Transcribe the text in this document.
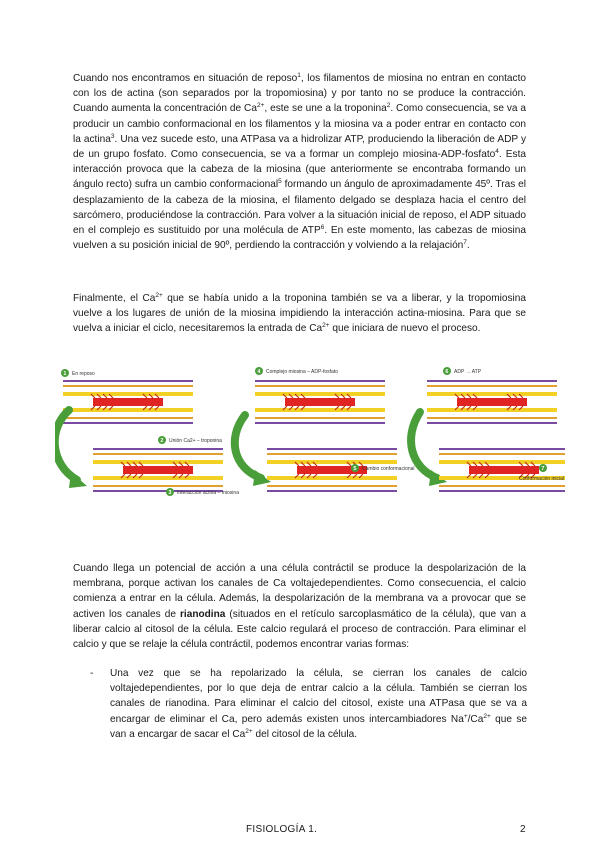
Cuando nos encontramos en situación de reposo$^1$, los filamentos de miosina no entran en contacto con los de actina (son separados por la tropomiosina) y por tanto no se produce la contracción. Cuando aumenta la concentración de $Ca^{2+}$, este se une a la troponina$^2$. Como consecuencia, se va a producir un cambio conformacional en los filamentos y la miosina va a poder entrar en contacto con la actina$^3$. Una vez sucede esto, una ATPasa va a hidrolizar ATP, produciendo la liberación de ADP y de un grupo fosfato. Como consecuencia, se va a formar un complejo miosina-ADP-fosfato$^4$. Esta interacción provoca que la cabeza de la miosina (que anteriormente se encontraba formando un ángulo recto) sufra un cambio conformacional$^5$ formando un ángulo de aproximadamente 45º. Tras el desplazamiento de la cabeza de la miosina, el filamento delgado se desplaza hacia el centro del sarcómero, produciéndose la contracción. Para volver a la situación inicial de reposo, el ADP situado en el complejo es sustituido por una molécula de ATP$^6$. En este momento, las cabezas de miosina vuelven a su posición inicial de 90º, perdiendo la contracción y volviendo a la relajación$^7$.

Finalmente, el $Ca^{2+}$ que se había unido a la troponina también se va a liberar, y la tropomiosina vuelve a los lugares de unión de la miosina impidiendo la interacción actina-miosina. Para que se vuelva a iniciar el ciclo, necesitaremos la entrada de $Ca^{2+}$ que iniciara de nuevo el proceso.

1 En reposo
2 Unión Ca2+ – troponina
3 Interacción actina – miosina
4 Complejo miosina – ADP-fosfato
5 Cambio conformacional
6 ADP → ATP
7
Conformación inicial

Cuando llega un potencial de acción a una célula contráctil se produce la despolarización de la membrana, porque activan los canales de Ca voltajedependientes. Como consecuencia, el calcio comienza a entrar en la célula. Además, la despolarización de la membrana va a provocar que se activen los canales de rianodina (situados en el retículo sarcoplasmático de la célula), que van a liberar calcio al citosol de la célula. Este calcio regulará el proceso de contracción. Para eliminar el calcio y que se relaje la célula contráctil, podemos encontrar varias formas:

- Una vez que se ha repolarizado la célula, se cierran los canales de calcio voltajedependientes, por lo que deja de entrar calcio a la célula. También se cierran los canales de rianodina. Para eliminar el calcio del citosol, existe una ATPasa que se va a encargar de eliminar el Ca, pero además existen unos intercambiadores $Na^+/Ca^{2+}$ que se van a encargar de sacar el $Ca^{2+}$ del citosol de la célula.

FISIOLOGÍA 1.	2
